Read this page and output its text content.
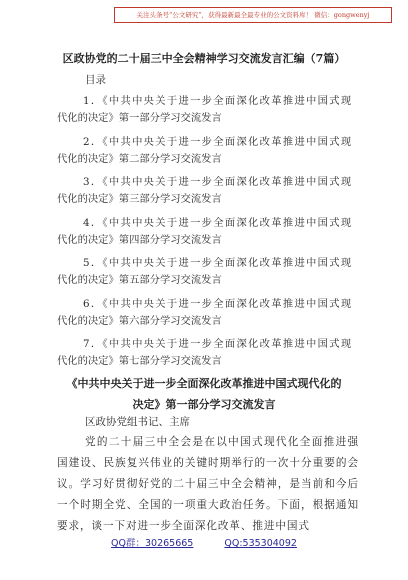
关注头条号“公文研究”，获得最新最全最专业的公文资料库！ 微信：gongwenyj
区政协党的二十届三中全会精神学习交流发言汇编（7篇）
目录
1．《中共中央关于进一步全面深化改革推进中国式现
代化的决定》第一部分学习交流发言
2．《中共中央关于进一步全面深化改革推进中国式现
代化的决定》第二部分学习交流发言
3．《中共中央关于进一步全面深化改革推进中国式现
代化的决定》第三部分学习交流发言
4．《中共中央关于进一步全面深化改革推进中国式现
代化的决定》第四部分学习交流发言
5．《中共中央关于进一步全面深化改革推进中国式现
代化的决定》第五部分学习交流发言
6．《中共中央关于进一步全面深化改革推进中国式现
代化的决定》第六部分学习交流发言
7．《中共中央关于进一步全面深化改革推进中国式现
代化的决定》第七部分学习交流发言
《中共中央关于进一步全面深化改革推进中国式现代化的
决定》第一部分学习交流发言
区政协党组书记、主席
党的二十届三中全会是在以中国式现代化全面推进强国建设、民族复兴伟业的关键时期举行的一次十分重要的会议。学习好贯彻好党的二十届三中全会精神，是当前和今后一个时期全党、全国的一项重大政治任务。下面，根据通知要求，谈一下对进一步全面深化改革、推进中国式
QQ群：30265665	QQ:535304092
